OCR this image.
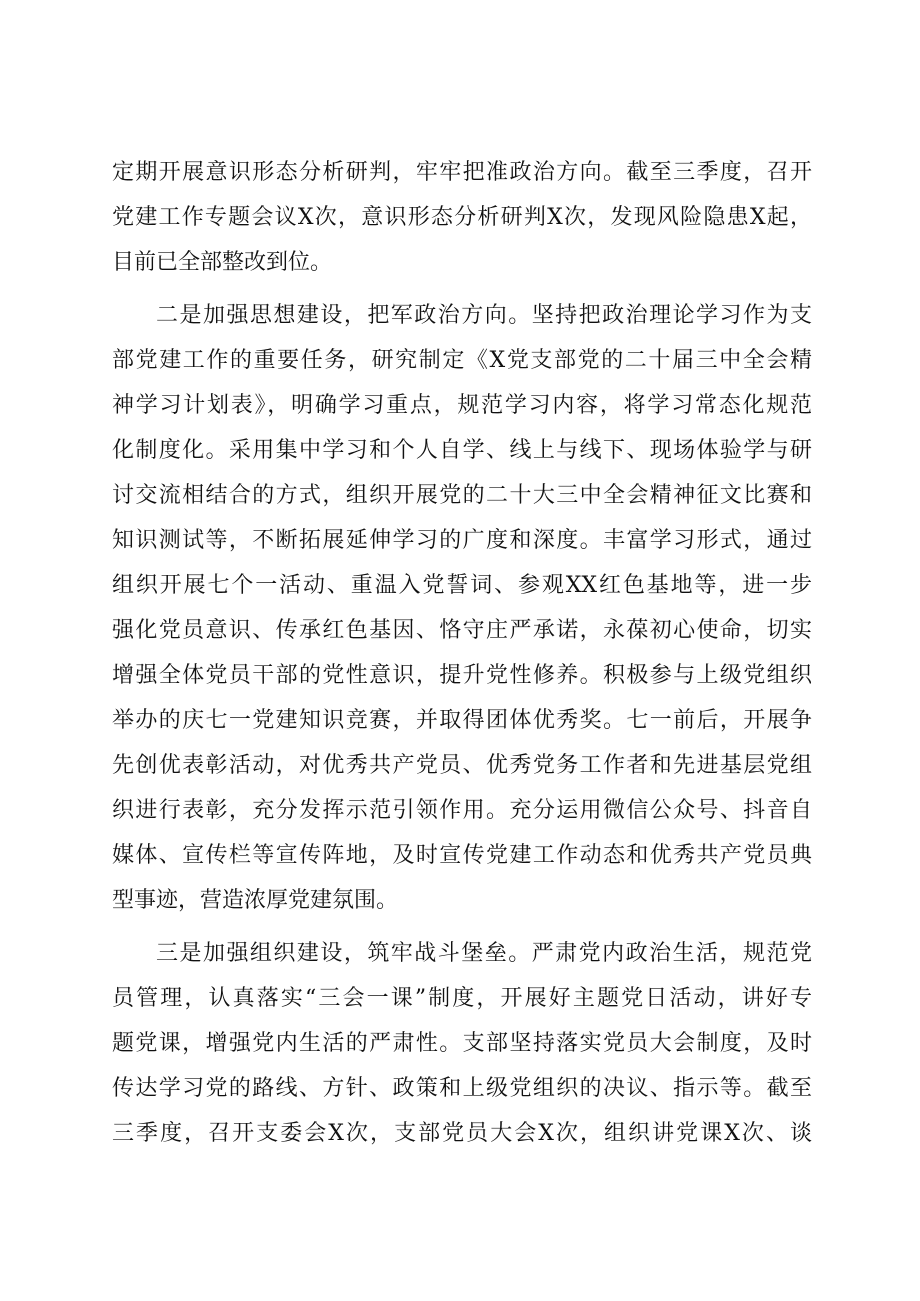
定期开展意识形态分析研判，牢牢把准政治方向。截至三季度，召开
党建工作专题会议X次，意识形态分析研判X次，发现风险隐患X起，
目前已全部整改到位。

二是加强思想建设，把军政治方向。坚持把政治理论学习作为支
部党建工作的重要任务，研究制定《X党支部党的二十届三中全会精
神学习计划表》，明确学习重点，规范学习内容，将学习常态化规范
化制度化。采用集中学习和个人自学、线上与线下、现场体验学与研
讨交流相结合的方式，组织开展党的二十大三中全会精神征文比赛和
知识测试等，不断拓展延伸学习的广度和深度。丰富学习形式，通过
组织开展七个一活动、重温入党誓词、参观XX红色基地等，进一步
强化党员意识、传承红色基因、恪守庄严承诺，永葆初心使命，切实
增强全体党员干部的党性意识，提升党性修养。积极参与上级党组织
举办的庆七一党建知识竞赛，并取得团体优秀奖。七一前后，开展争
先创优表彰活动，对优秀共产党员、优秀党务工作者和先进基层党组
织进行表彰，充分发挥示范引领作用。充分运用微信公众号、抖音自
媒体、宣传栏等宣传阵地，及时宣传党建工作动态和优秀共产党员典
型事迹，营造浓厚党建氛围。

三是加强组织建设，筑牢战斗堡垒。严肃党内政治生活，规范党
员管理，认真落实“三会一课”制度，开展好主题党日活动，讲好专
题党课，增强党内生活的严肃性。支部坚持落实党员大会制度，及时
传达学习党的路线、方针、政策和上级党组织的决议、指示等。截至
三季度，召开支委会X次，支部党员大会X次，组织讲党课X次、谈
